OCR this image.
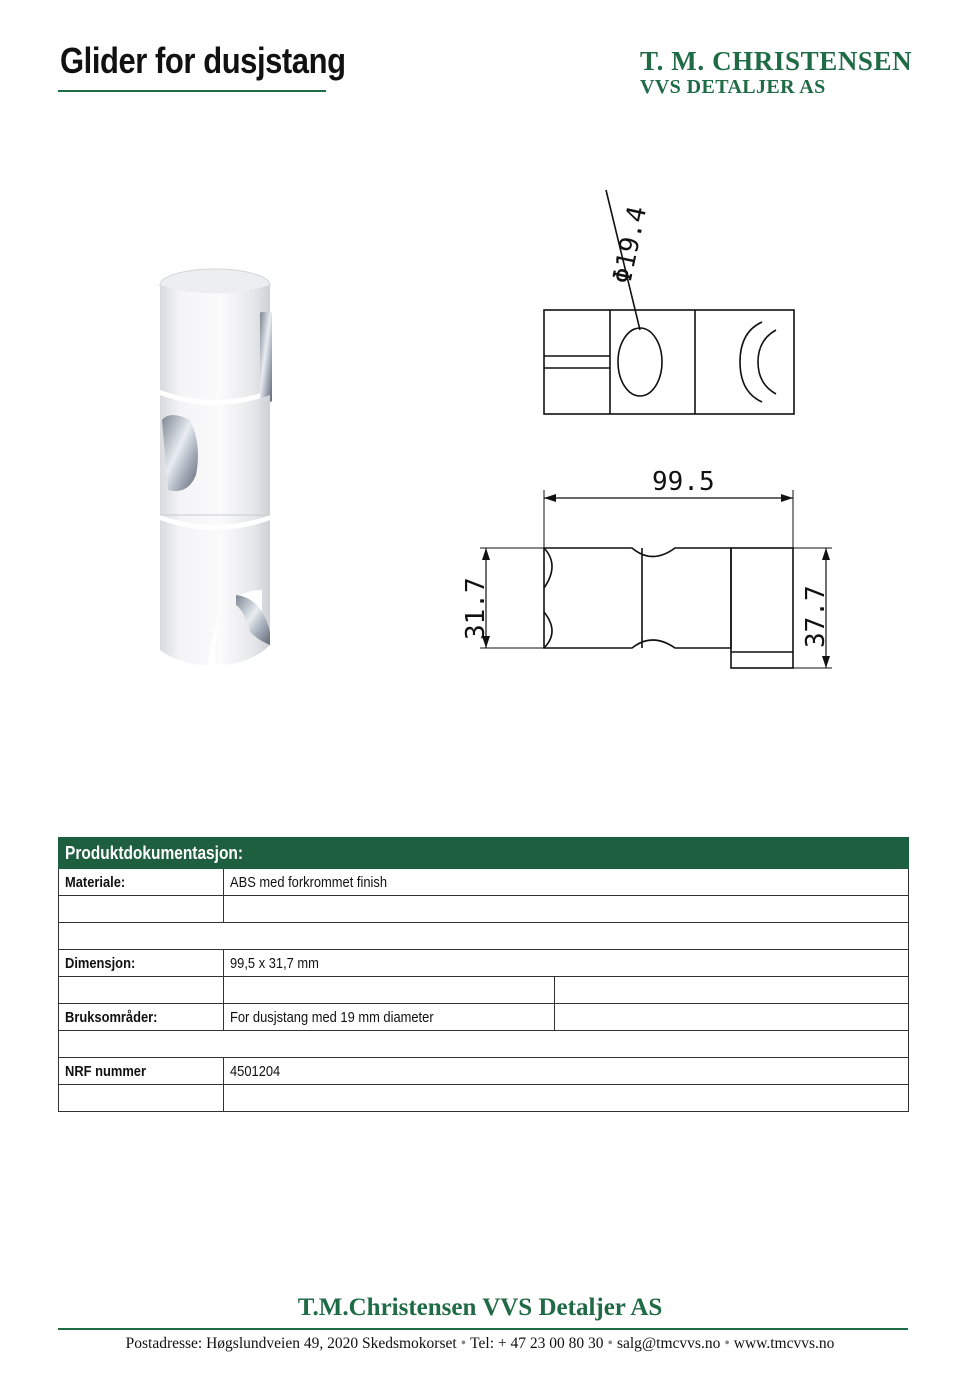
Glider for dusjstang	T. M. CHRISTENSEN
VVS DETALJER AS
Φ19.4
99.5
31.7	37.7
Produktdokumentasjon:		
Materiale:	ABS med forkrommet finish	

Dimensjon:	99,5 x 31,7 mm	

Bruksområder:	For dusjstang med 19 mm diameter	

NRF nummer	4501204	

T.M.Christensen VVS Detaljer AS
Postadresse: Høgslundveien 49, 2020 Skedsmokorset • Tel: + 47 23 00 80 30 • salg@tmcvvs.no • www.tmcvvs.no
